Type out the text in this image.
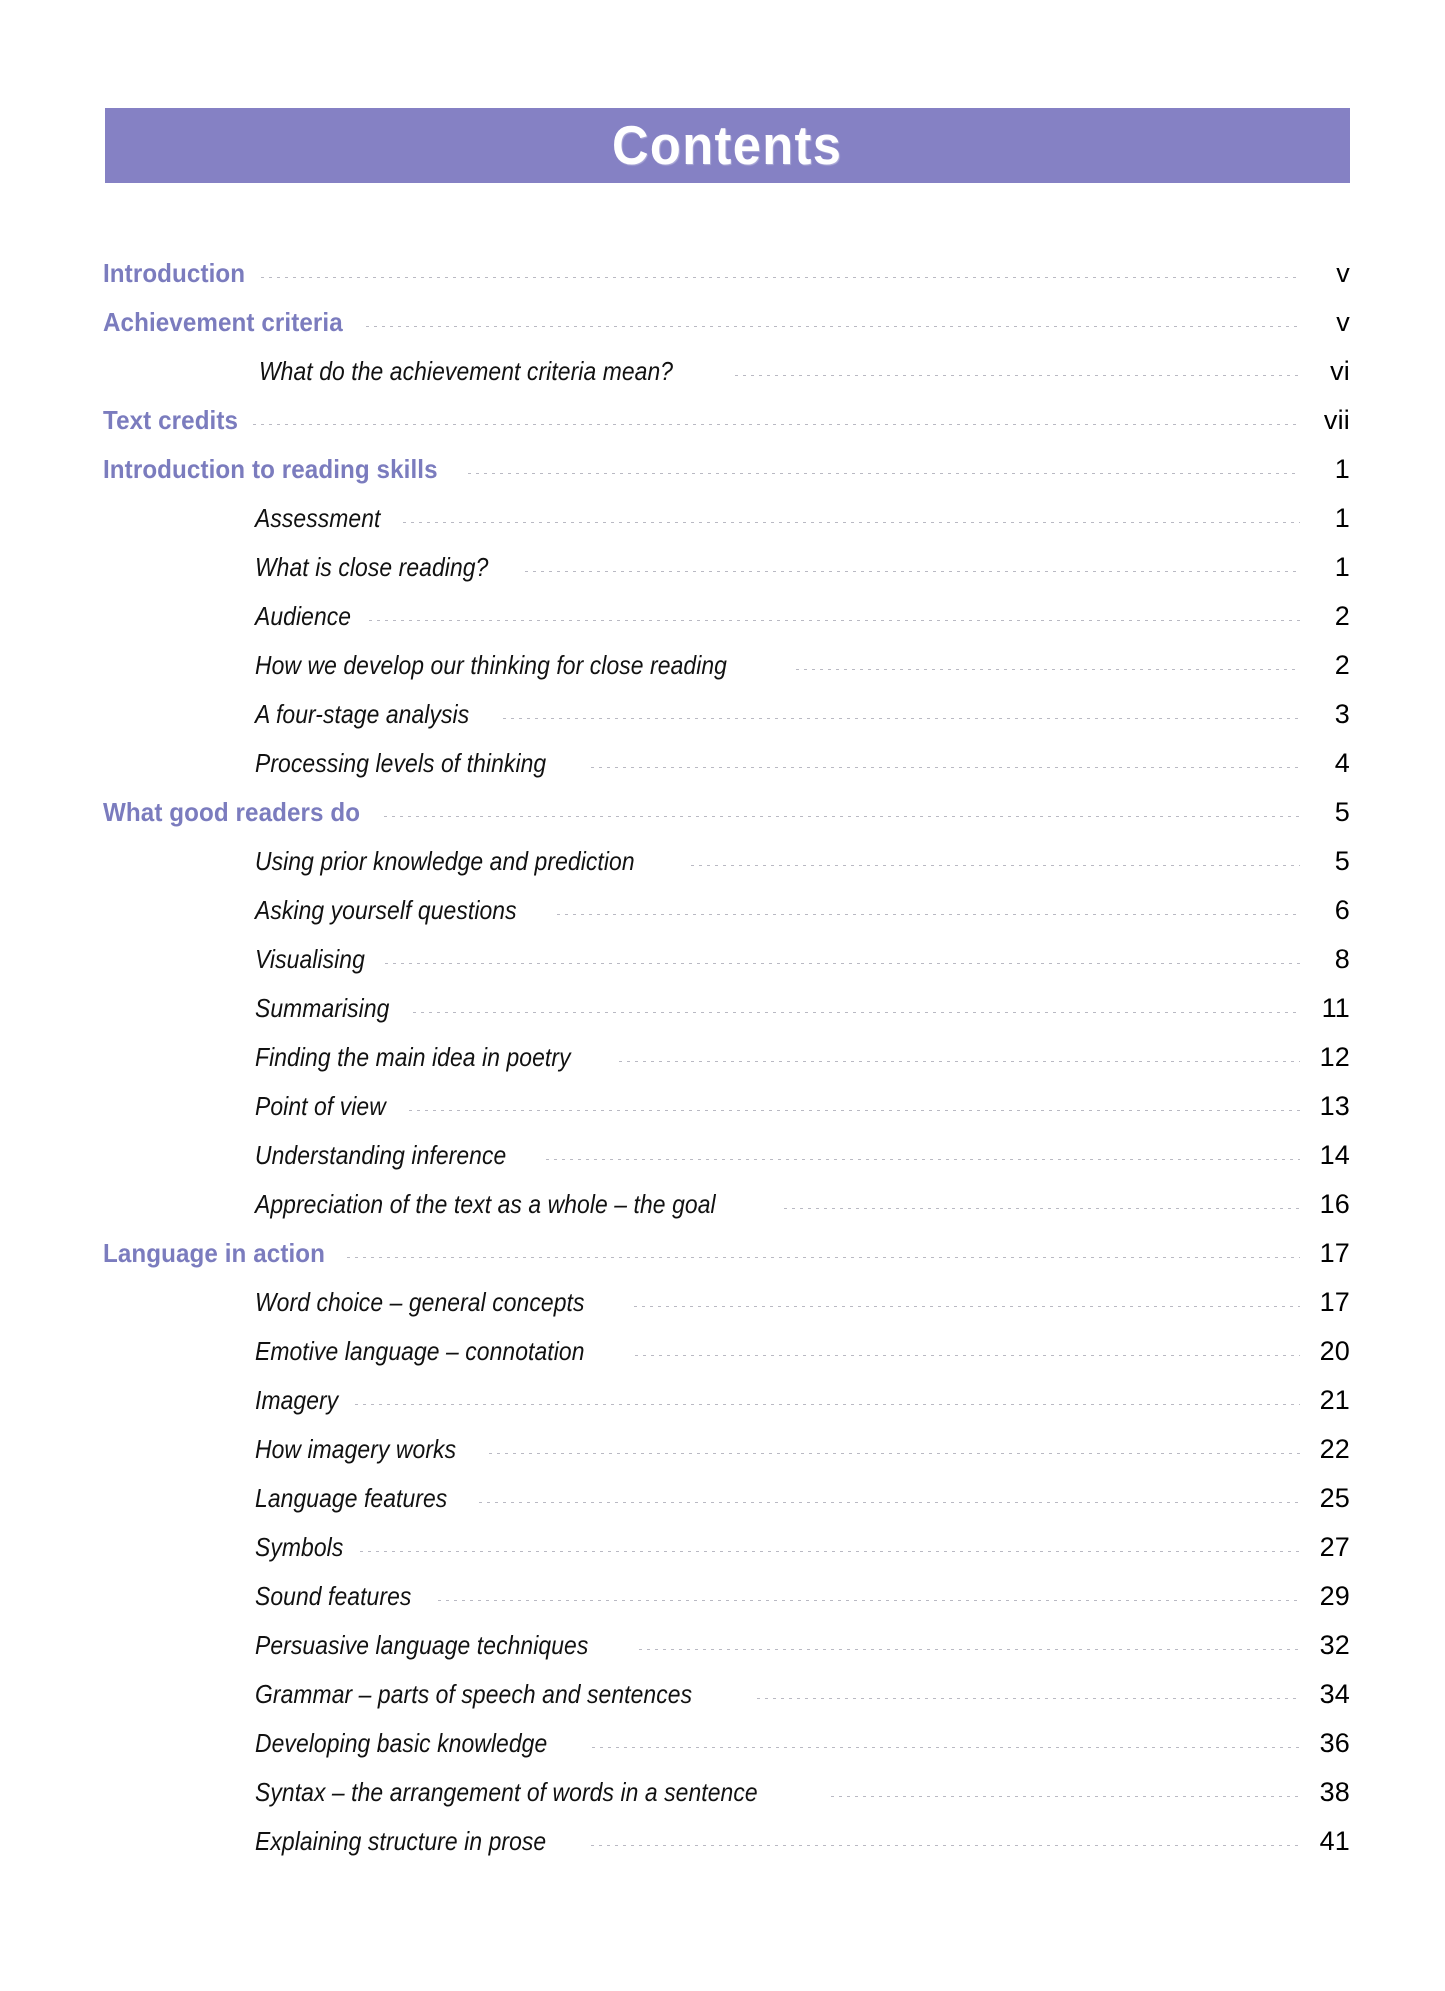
Contents
Introduction	v
Achievement criteria	v
What do the achievement criteria mean?	vi
Text credits	vii
Introduction to reading skills	1
Assessment	1
What is close reading?	1
Audience	2
How we develop our thinking for close reading	2
A four-stage analysis	3
Processing levels of thinking	4
What good readers do	5
Using prior knowledge and prediction	5
Asking yourself questions	6
Visualising	8
Summarising	11
Finding the main idea in poetry	12
Point of view	13
Understanding inference	14
Appreciation of the text as a whole – the goal	16
Language in action	17
Word choice – general concepts	17
Emotive language – connotation	20
Imagery	21
How imagery works	22
Language features	25
Symbols	27
Sound features	29
Persuasive language techniques	32
Grammar – parts of speech and sentences	34
Developing basic knowledge	36
Syntax – the arrangement of words in a sentence	38
Explaining structure in prose	41
